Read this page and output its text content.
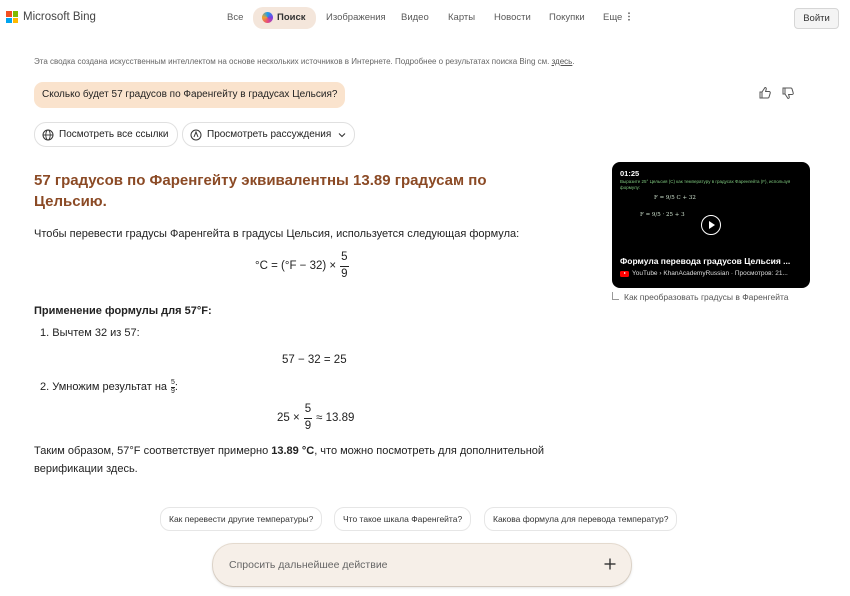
Microsoft Bing	Все	Поиск	Изображения Видео Карты Новости Покупки Еще	Войти
Эта сводка создана искусственным интеллектом на основе нескольких источников в Интернете. Подробнее о результатах поиска Bing см. здесь.
Сколько будет 57 градусов по Фаренгейту в градусах Цельсия?
Посмотреть все ссылки	Просмотреть рассуждения
57 градусов по Фаренгейту эквивалентны 13.89 градусам по Цельсию.
Чтобы перевести градусы Фаренгейта в градусы Цельсия, используется следующая формула:
$^\circ C = (^\circ F - 32) \times \frac{5}{9}$
Применение формулы для 57°F:
1. Вычтем 32 из 57:
57 − 32 = 25
2. Умножим результат на $\frac{5}{9}$ :
$25 \times \frac{5}{9} \approx 13.89$
Таким образом, 57°F соответствует примерно 13.89 °C, что можно посмотреть для дополнительной
верификации здесь.
01:25
Выразите 25° Цельсия (С) как температуру в градусах Фаренгейта (F), используя формулу:
F = 9/5 C + 32
F = 9/5 · 25 + 3
Формула перевода градусов Цельсия ...
YouTube › KhanAcademyRussian · Просмотров: 21...
Как преобразовать градусы в Фаренгейта
Как перевести другие температуры?	Что такое шкала Фаренгейта?	Какова формула для перевода температур?
Спросить дальнейшее действие
